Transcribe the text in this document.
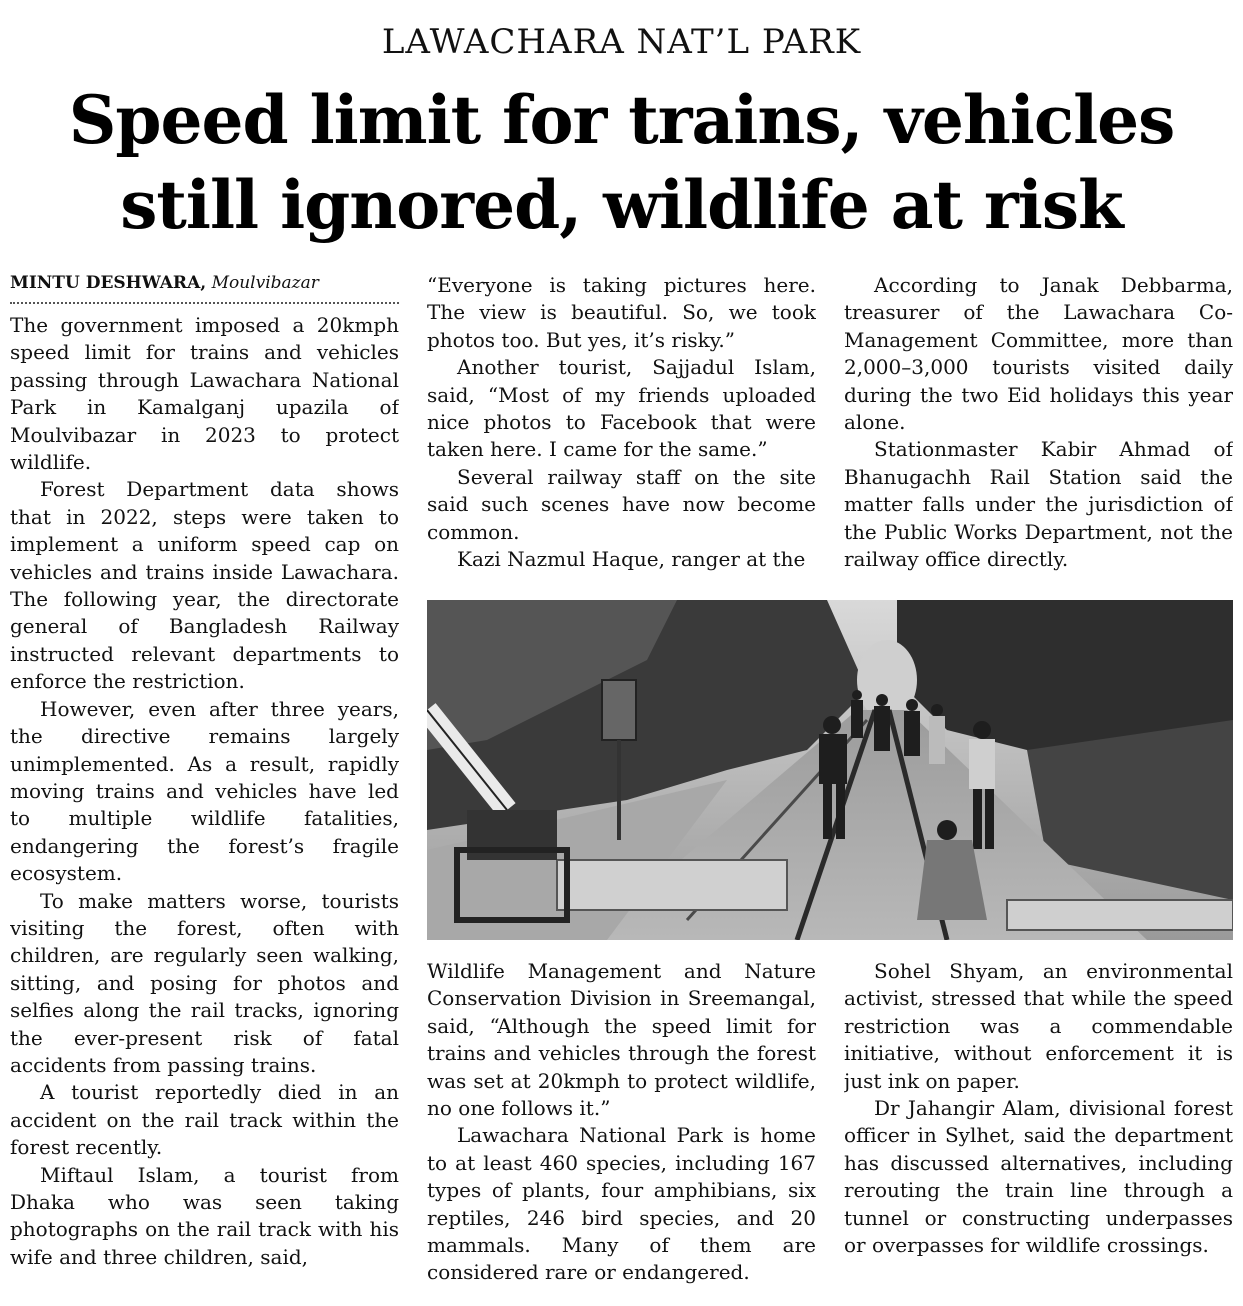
LAWACHARA NAT’L PARK
Speed limit for trains, vehicles
still ignored, wildlife at risk
MINTU DESHWARA, Moulvibazar

The government imposed a 20kmph speed limit for trains and vehicles passing through Lawachara National Park in Kamalganj upazila of Moulvibazar in 2023 to protect wildlife.

Forest Department data shows that in 2022, steps were taken to implement a uniform speed cap on vehicles and trains inside Lawachara. The following year, the directorate general of Bangladesh Railway instructed relevant departments to enforce the restriction.

However, even after three years, the directive remains largely unimplemented. As a result, rapidly moving trains and vehicles have led to multiple wildlife fatalities, endangering the forest’s fragile ecosystem.

To make matters worse, tourists visiting the forest, often with children, are regularly seen walking, sitting, and posing for photos and selfies along the rail tracks, ignoring the ever-present risk of fatal accidents from passing trains.

A tourist reportedly died in an accident on the rail track within the forest recently.

Miftaul Islam, a tourist from Dhaka who was seen taking photographs on the rail track with his wife and three children, said,

“Everyone is taking pictures here. The view is beautiful. So, we took photos too. But yes, it’s risky.”

Another tourist, Sajjadul Islam, said, “Most of my friends uploaded nice photos to Facebook that were taken here. I came for the same.”

Several railway staff on the site said such scenes have now become common.

Kazi Nazmul Haque, ranger at the

According to Janak Debbarma, treasurer of the Lawachara Co-Management Committee, more than 2,000–3,000 tourists visited daily during the two Eid holidays this year alone.

Stationmaster Kabir Ahmad of Bhanugachh Rail Station said the matter falls under the jurisdiction of the Public Works Department, not the railway office directly.

Wildlife Management and Nature Conservation Division in Sreemangal, said, “Although the speed limit for trains and vehicles through the forest was set at 20kmph to protect wildlife, no one follows it.”

Lawachara National Park is home to at least 460 species, including 167 types of plants, four amphibians, six reptiles, 246 bird species, and 20 mammals. Many of them are considered rare or endangered.

Sohel Shyam, an environmental activist, stressed that while the speed restriction was a commendable initiative, without enforcement it is just ink on paper.

Dr Jahangir Alam, divisional forest officer in Sylhet, said the department has discussed alternatives, including rerouting the train line through a tunnel or constructing underpasses or overpasses for wildlife crossings.
